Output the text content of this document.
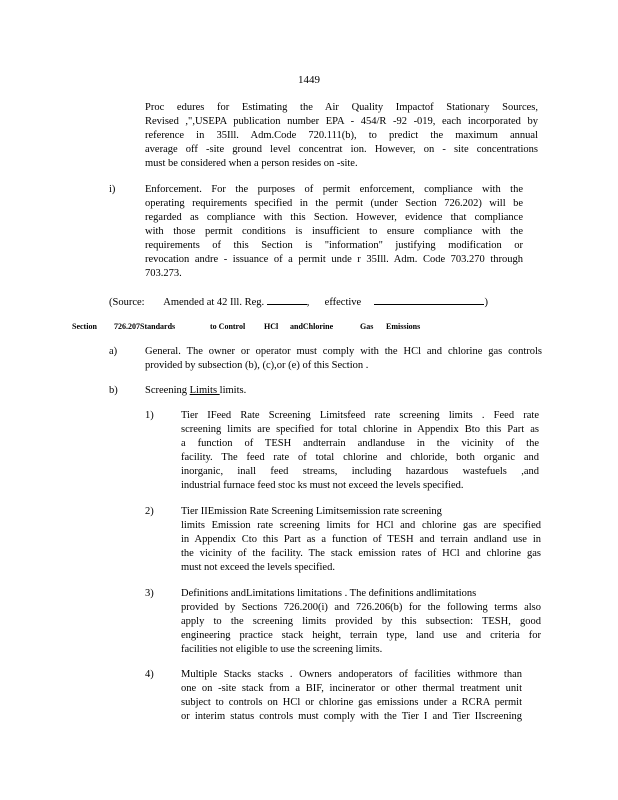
1449
Proc edures for Estimating the Air Quality Impactof Stationary Sources,
Revised ,",USEPA publication number EPA - 454/R -92 -019, each incorporated by
reference in 35Ill. Adm.Code 720.111(b), to predict the maximum annual
average off -site ground level concentrat ion. However, on - site concentrations
must be considered when a person resides on -site.
i)	Enforcement. For the purposes of permit enforcement, compliance with the
operating requirements specified in the permit (under Section 726.202) will be
regarded as compliance with this Section. However, evidence that compliance
with those permit conditions is insufficient to ensure compliance with the
requirements of this Section is "information" justifying modification or
revocation andre - issuance of a permit unde r 35Ill. Adm. Code 703.270 through
703.273.
(Source: Amended at 42 Ill. Reg.	, effective	)
Section 726.207Standards	to Control HCl andChlorine	Gas Emissions
a)	General. The owner or operator must comply with the HCl and chlorine gas controls
provided by subsection (b), (c),or (e) of this Section .
b)	Screening Limits limits.
1)	Tier IFeed Rate Screening Limitsfeed rate screening limits . Feed rate
screening limits are specified for total chlorine in Appendix Bto this Part as
a function of TESH andterrain andlanduse in the vicinity of the
facility. The feed rate of total chlorine and chloride, both organic and
inorganic, inall feed streams, including hazardous wastefuels ,and
industrial furnace feed stoc ks must not exceed the levels specified.
2)	Tier IIEmission Rate Screening Limitsemission rate screening
limits Emission rate screening limits for HCl and chlorine gas are specified
in Appendix Cto this Part as a function of TESH and terrain andland use in
the vicinity of the facility. The stack emission rates of HCl and chlorine gas
must not exceed the levels specified.
3)	Definitions andLimitations limitations . The definitions andlimitations
provided by Sections 726.200(i) and 726.206(b) for the following terms also
apply to the screening limits provided by this subsection: TESH, good
engineering practice stack height, terrain type, land use and criteria for
facilities not eligible to use the screening limits.
4)	Multiple Stacks stacks . Owners andoperators of facilities withmore than
one on -site stack from a BIF, incinerator or other thermal treatment unit
subject to controls on HCl or chlorine gas emissions under a RCRA permit
or interim status controls must comply with the Tier I and Tier IIscreening
